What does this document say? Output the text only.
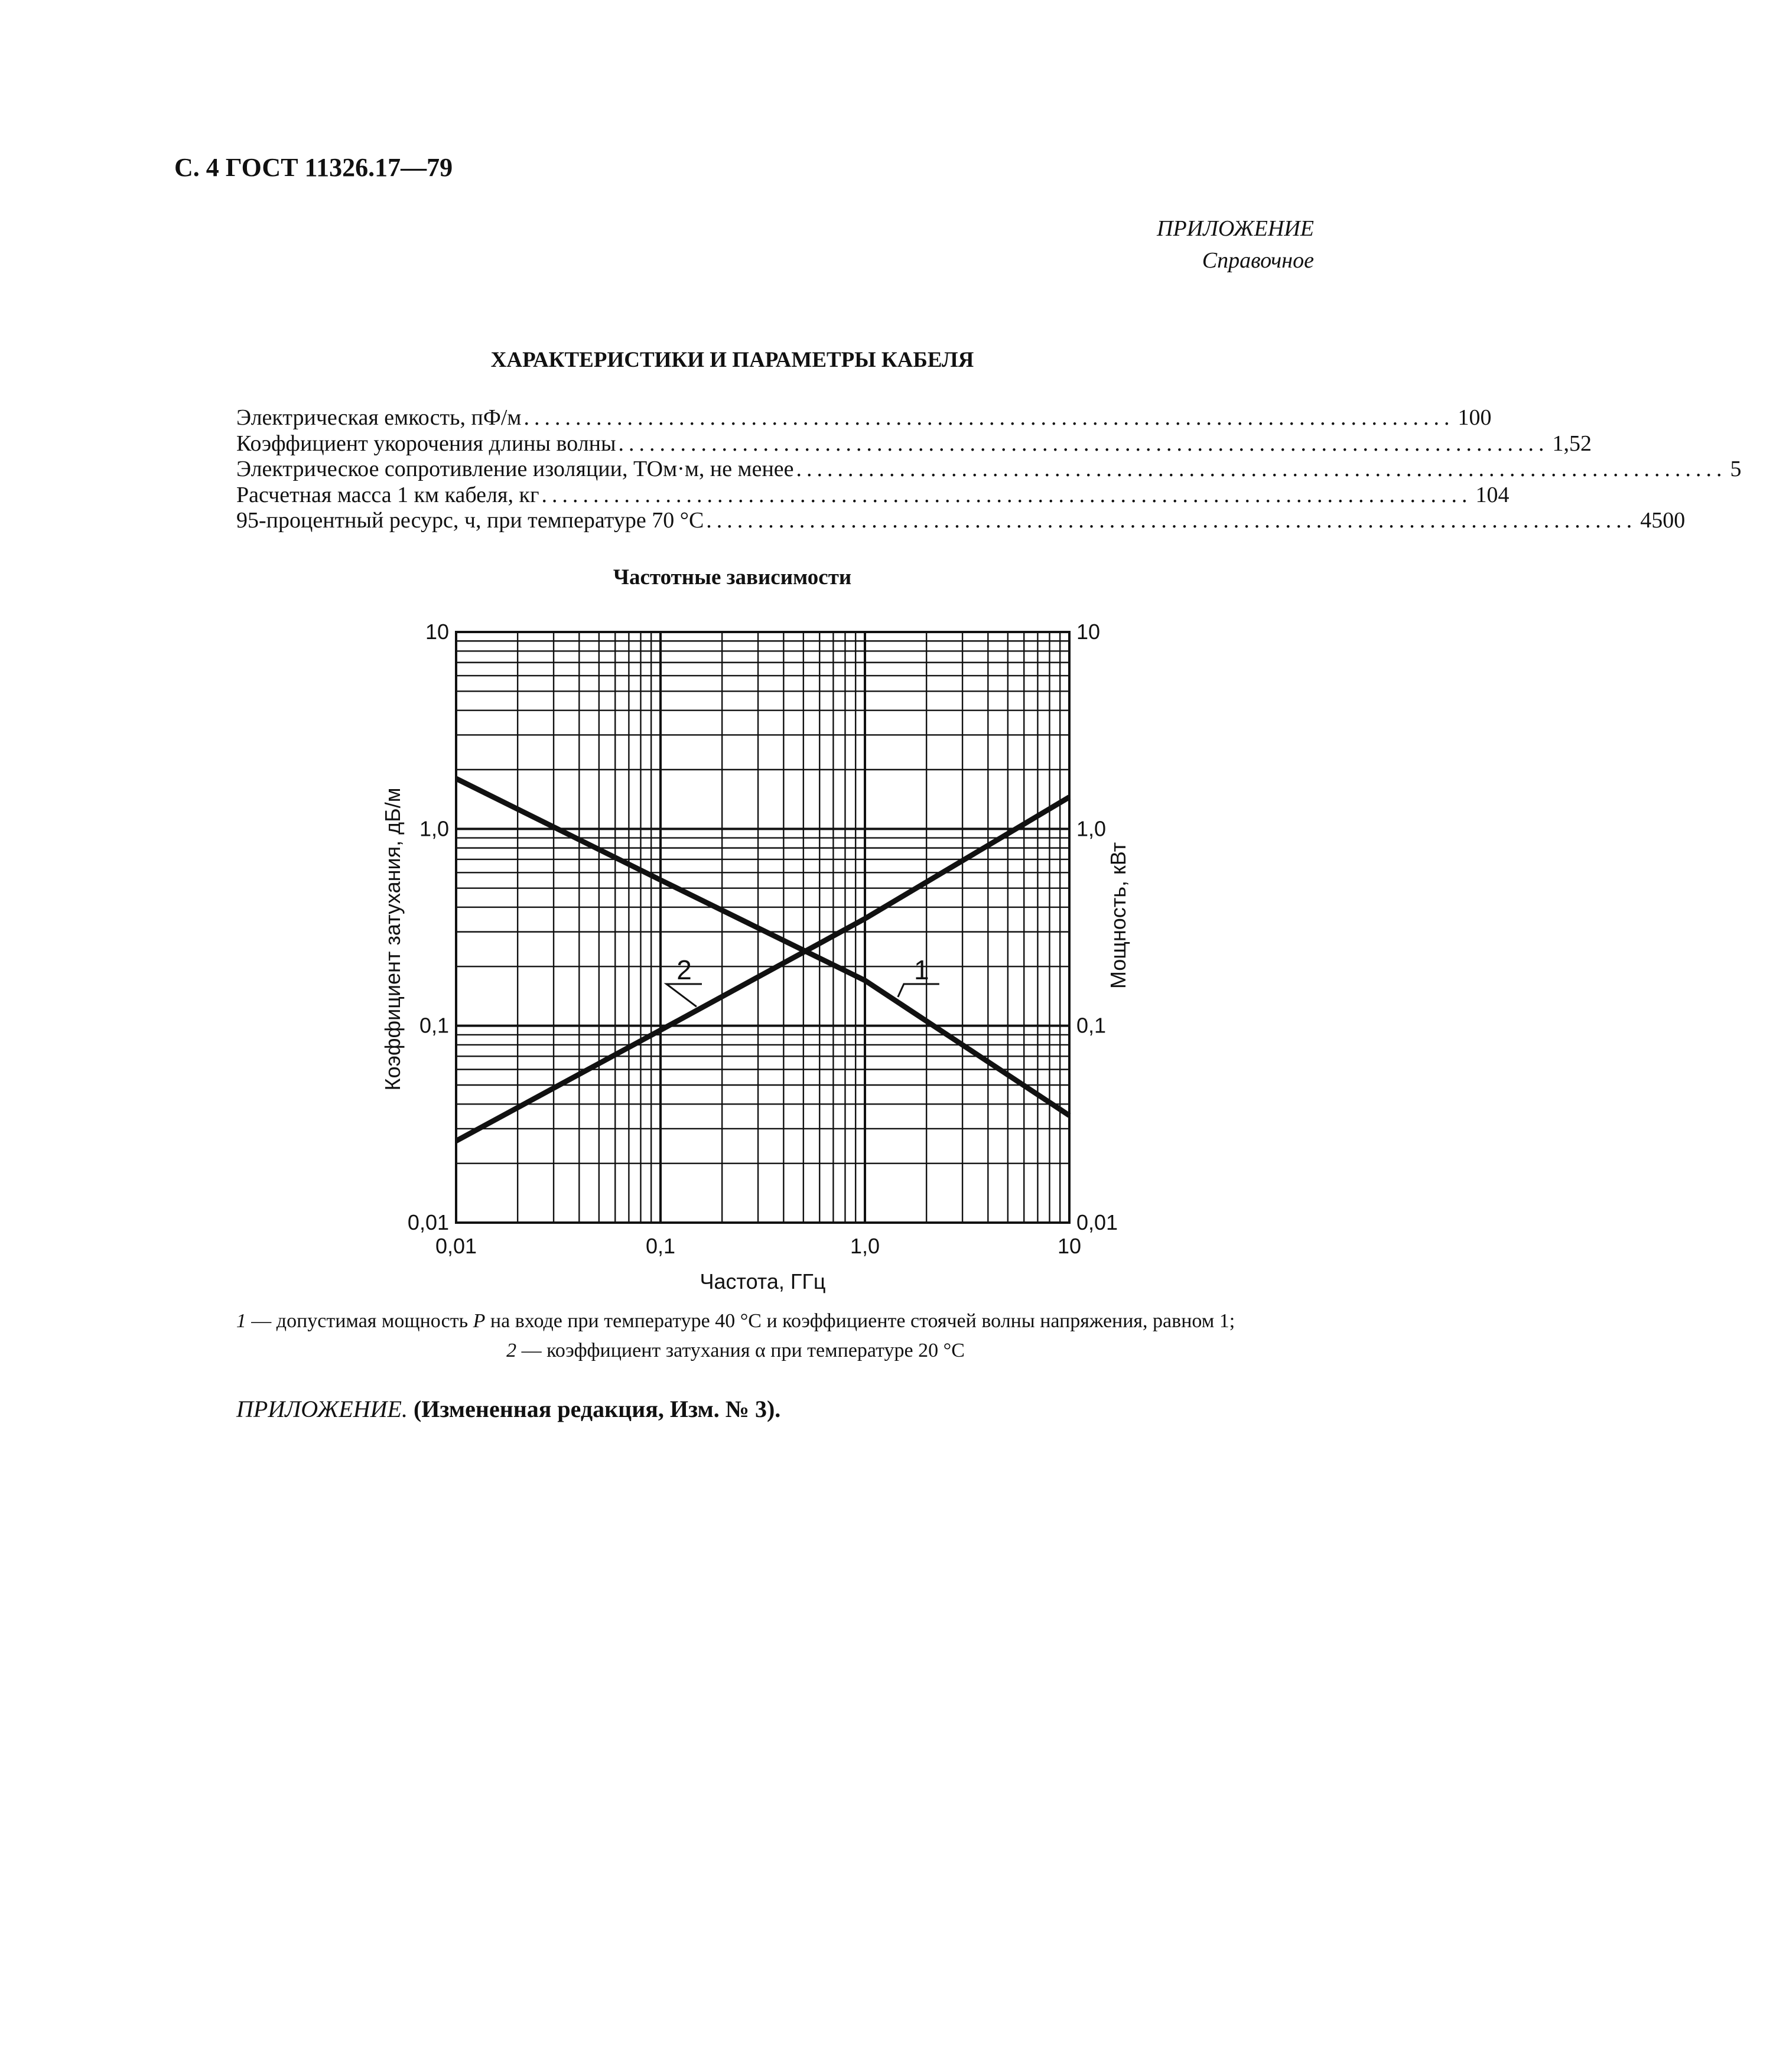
С. 4 ГОСТ 11326.17—79
ПРИЛОЖЕНИЕ
Справочное
ХАРАКТЕРИСТИКИ И ПАРАМЕТРЫ КАБЕЛЯ
Электрическая емкость, пФ/м .......................................................................................... 100
Коэффициент укорочения длины волны .......................................................................................... 1,52
Электрическое сопротивление изоляции, ТОм·м, не менее .......................................................................................... 5
Расчетная масса 1 км кабеля, кг .......................................................................................... 104
95-процентный ресурс, ч, при температуре 70 °С .......................................................................................... 4500
Частотные зависимости
2	1
0,01	0,1	1,0	10
0,01	0,01
0,1	0,1
1,0	1,0
10	10
Частота, ГГц
Коэффициент затухания, дБ/м	Мощность, кВт
1 — допустимая мощность P на входе при температуре 40 °С и коэффициенте стоячей волны напряжения, равном 1;
2 — коэффициент затухания α при температуре 20 °С
ПРИЛОЖЕНИЕ. (Измененная редакция, Изм. № 3).
